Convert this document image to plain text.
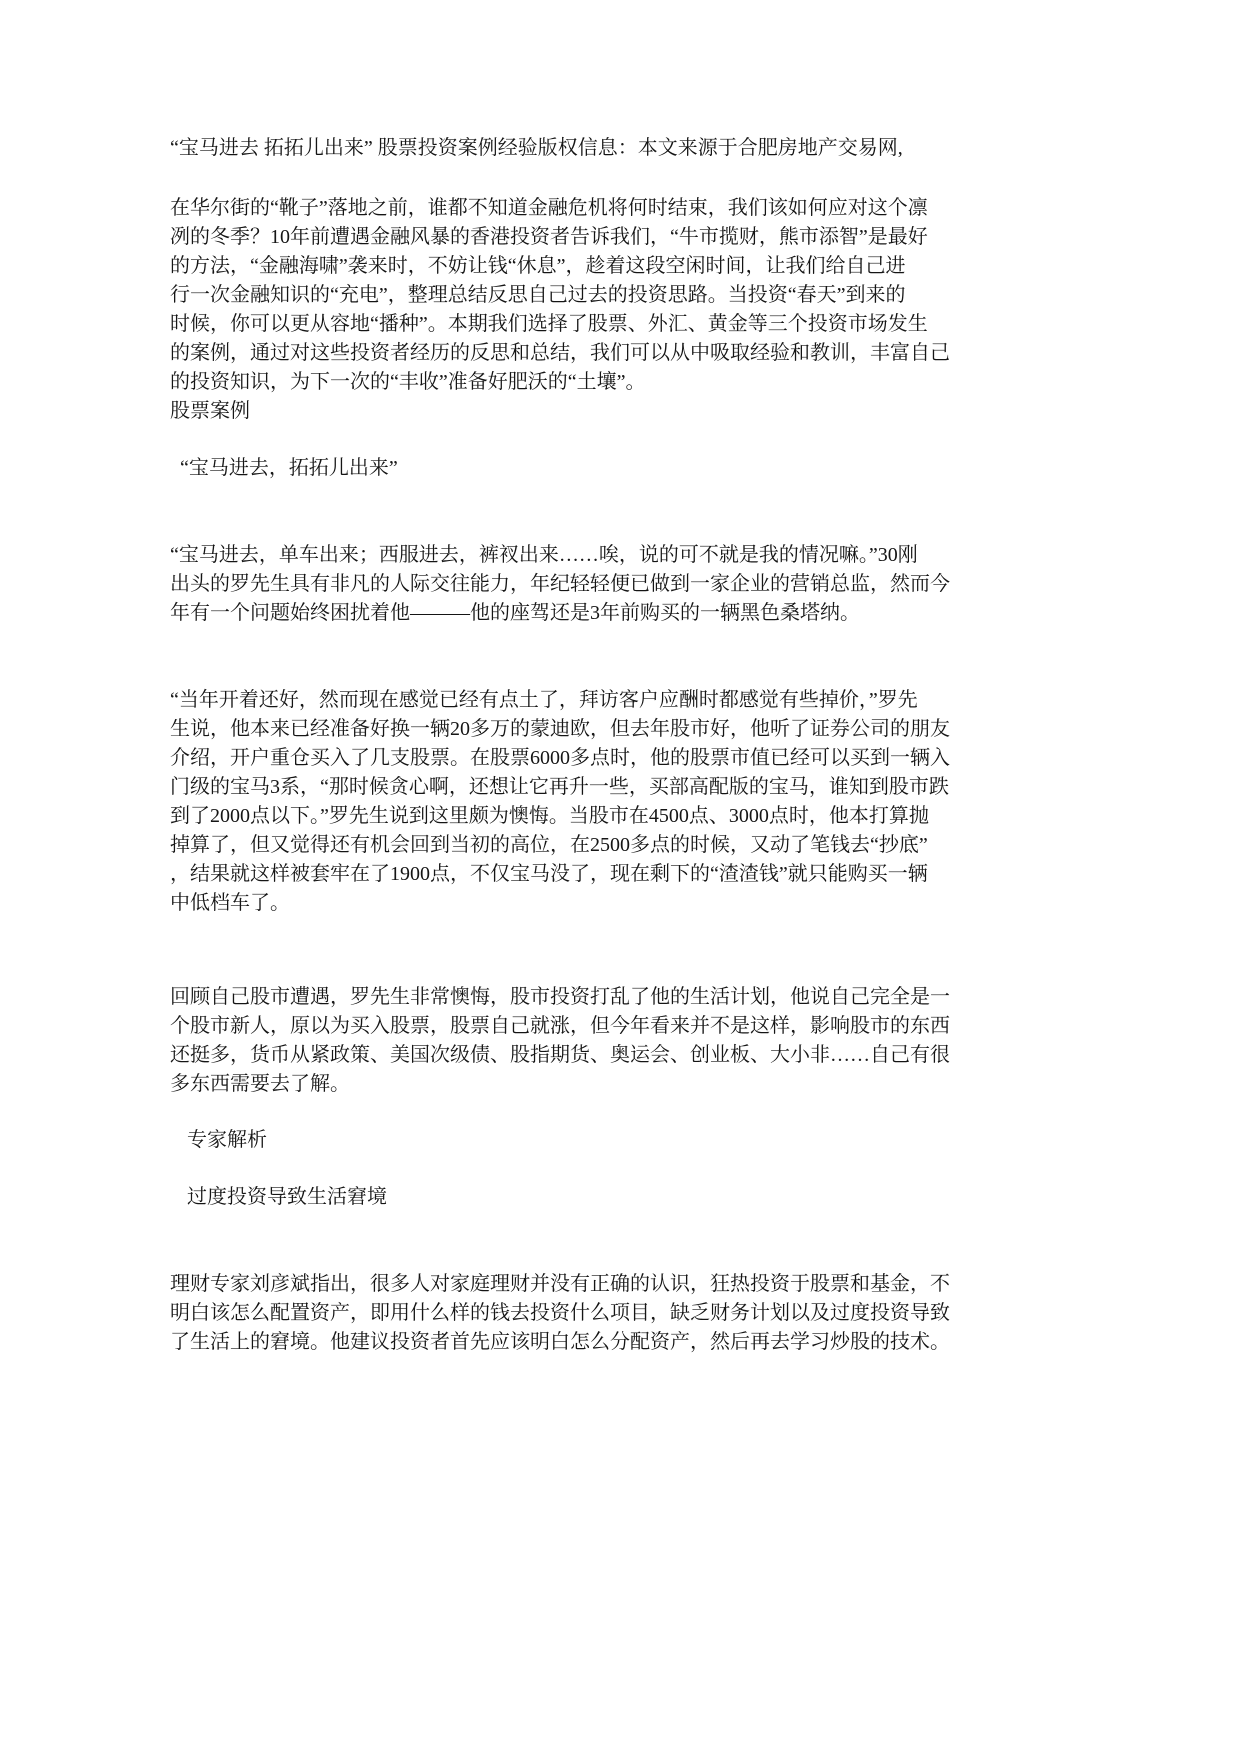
“宝马进去 拓拓儿出来” 股票投资案例经验版权信息：本文来源于合肥房地产交易网,
在华尔街的“靴子”落地之前，谁都不知道金融危机将何时结束，我们该如何应对这个凛
冽的冬季？10年前遭遇金融风暴的香港投资者告诉我们，“牛市揽财，熊市添智”是最好
的方法，“金融海啸”袭来时，不妨让钱“休息”，趁着这段空闲时间，让我们给自己进
行一次金融知识的“充电”，整理总结反思自己过去的投资思路。当投资“春天”到来的
时候，你可以更从容地“播种”。本期我们选择了股票、外汇、黄金等三个投资市场发生
的案例，通过对这些投资者经历的反思和总结，我们可以从中吸取经验和教训，丰富自己
的投资知识，为下一次的“丰收”准备好肥沃的“土壤”。
股票案例
“宝马进去，拓拓儿出来”
“宝马进去，单车出来；西服进去，裤衩出来……唉，说的可不就是我的情况嘛。”30刚
出头的罗先生具有非凡的人际交往能力，年纪轻轻便已做到一家企业的营销总监，然而今
年有一个问题始终困扰着他———他的座驾还是3年前购买的一辆黑色桑塔纳。
“当年开着还好，然而现在感觉已经有点土了，拜访客户应酬时都感觉有些掉价，”罗先
生说，他本来已经准备好换一辆20多万的蒙迪欧，但去年股市好，他听了证券公司的朋友
介绍，开户重仓买入了几支股票。在股票6000多点时，他的股票市值已经可以买到一辆入
门级的宝马3系，“那时候贪心啊，还想让它再升一些，买部高配版的宝马，谁知到股市跌
到了2000点以下。”罗先生说到这里颇为懊悔。当股市在4500点、3000点时，他本打算抛
掉算了，但又觉得还有机会回到当初的高位，在2500多点的时候，又动了笔钱去“抄底”
，结果就这样被套牢在了1900点，不仅宝马没了，现在剩下的“渣渣钱”就只能购买一辆
中低档车了。
回顾自己股市遭遇，罗先生非常懊悔，股市投资打乱了他的生活计划，他说自己完全是一
个股市新人，原以为买入股票，股票自己就涨，但今年看来并不是这样，影响股市的东西
还挺多，货币从紧政策、美国次级债、股指期货、奥运会、创业板、大小非……自己有很
多东西需要去了解。
专家解析
过度投资导致生活窘境
理财专家刘彦斌指出，很多人对家庭理财并没有正确的认识，狂热投资于股票和基金，不
明白该怎么配置资产，即用什么样的钱去投资什么项目，缺乏财务计划以及过度投资导致
了生活上的窘境。他建议投资者首先应该明白怎么分配资产，然后再去学习炒股的技术。
